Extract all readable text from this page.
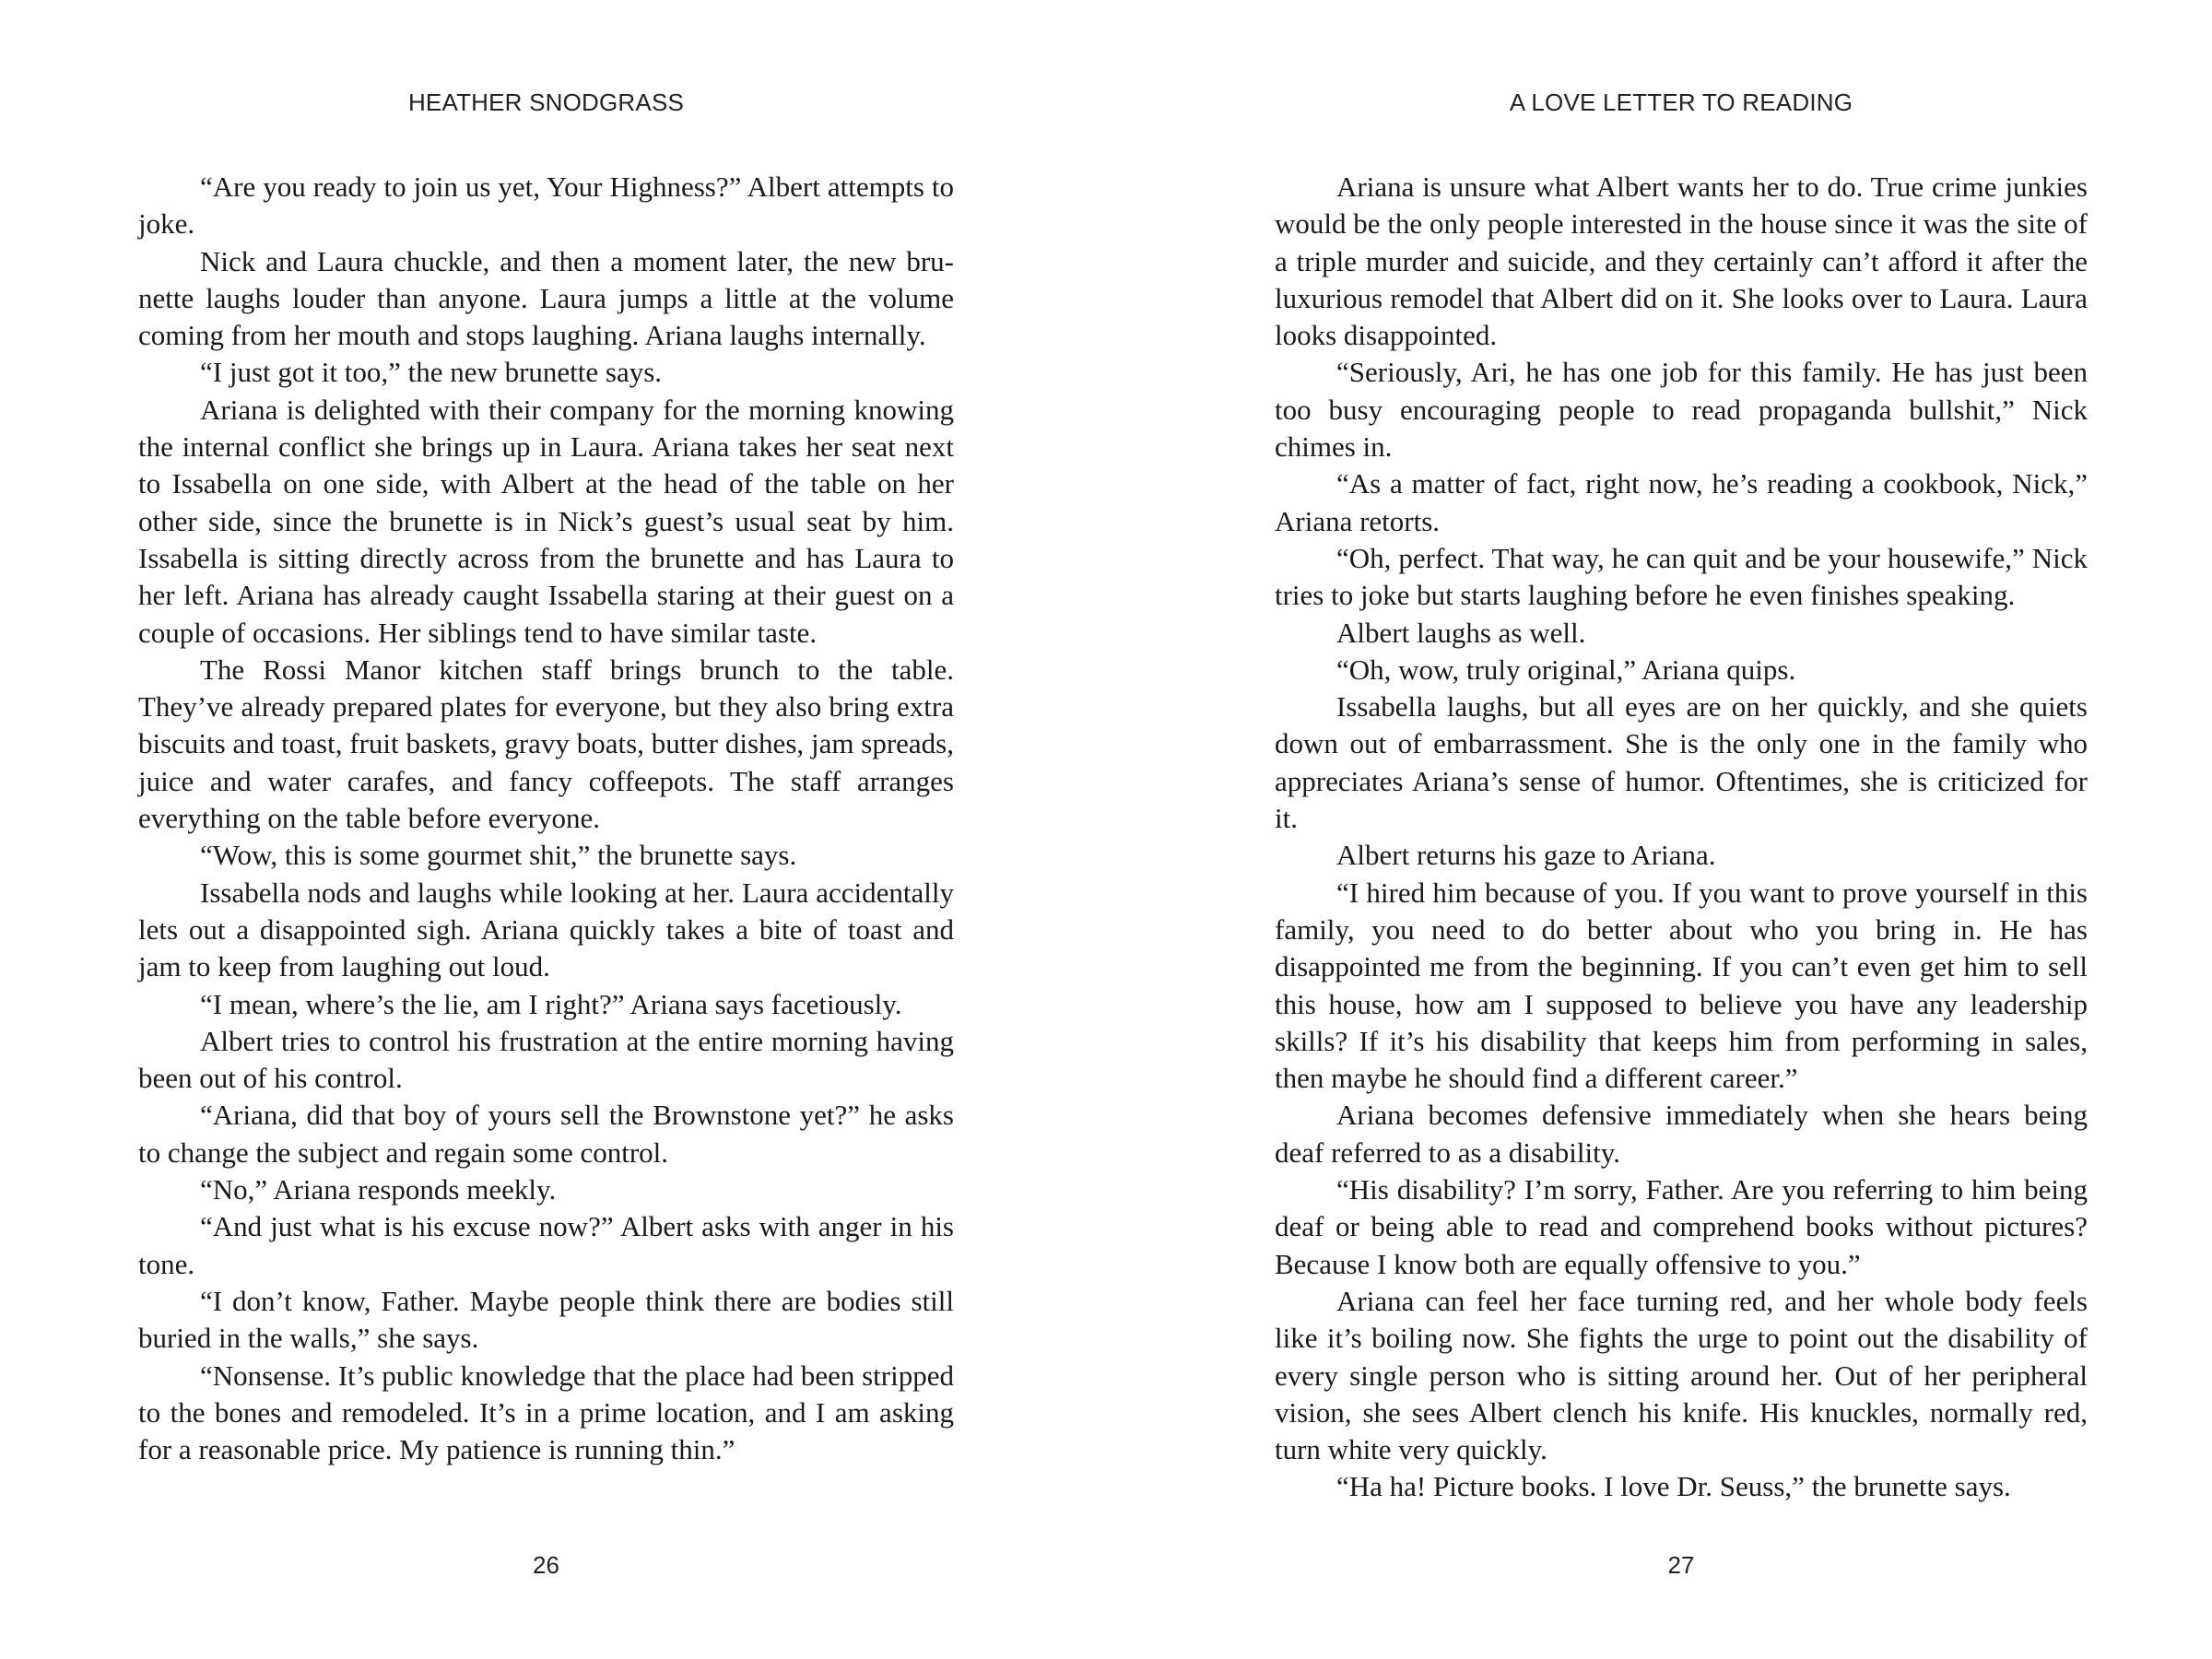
HEATHER SNODGRASS

“Are you ready to join us yet, Your Highness?” Albert attempts to joke.

Nick and Laura chuckle, and then a moment later, the new brunette laughs louder than anyone. Laura jumps a little at the volume coming from her mouth and stops laughing. Ariana laughs internally.

“I just got it too,” the new brunette says.

Ariana is delighted with their company for the morning knowing the internal conflict she brings up in Laura. Ariana takes her seat next to Issabella on one side, with Albert at the head of the table on her other side, since the brunette is in Nick’s guest’s usual seat by him. Issabella is sitting directly across from the brunette and has Laura to her left. Ariana has already caught Issabella staring at their guest on a couple of occasions. Her siblings tend to have similar taste.

The Rossi Manor kitchen staff brings brunch to the table. They’ve already prepared plates for everyone, but they also bring extra biscuits and toast, fruit baskets, gravy boats, butter dishes, jam spreads, juice and water carafes, and fancy coffeepots. The staff arranges everything on the table before everyone.

“Wow, this is some gourmet shit,” the brunette says.

Issabella nods and laughs while looking at her. Laura accidentally lets out a disappointed sigh. Ariana quickly takes a bite of toast and jam to keep from laughing out loud.

“I mean, where’s the lie, am I right?” Ariana says facetiously.

Albert tries to control his frustration at the entire morning having been out of his control.

“Ariana, did that boy of yours sell the Brownstone yet?” he asks to change the subject and regain some control.

“No,” Ariana responds meekly.

“And just what is his excuse now?” Albert asks with anger in his tone.

“I don’t know, Father. Maybe people think there are bodies still buried in the walls,” she says.

“Nonsense. It’s public knowledge that the place had been stripped to the bones and remodeled. It’s in a prime location, and I am asking for a reasonable price. My patience is running thin.”

26
A LOVE LETTER TO READING

Ariana is unsure what Albert wants her to do. True crime junkies would be the only people interested in the house since it was the site of a triple murder and suicide, and they certainly can’t afford it after the luxurious remodel that Albert did on it. She looks over to Laura. Laura looks disappointed.

“Seriously, Ari, he has one job for this family. He has just been too busy encouraging people to read propaganda bullshit,” Nick chimes in.

“As a matter of fact, right now, he’s reading a cookbook, Nick,” Ariana retorts.

“Oh, perfect. That way, he can quit and be your housewife,” Nick tries to joke but starts laughing before he even finishes speaking.

Albert laughs as well.

“Oh, wow, truly original,” Ariana quips.

Issabella laughs, but all eyes are on her quickly, and she quiets down out of embarrassment. She is the only one in the family who appreciates Ariana’s sense of humor. Oftentimes, she is criticized for it.

Albert returns his gaze to Ariana.

“I hired him because of you. If you want to prove yourself in this family, you need to do better about who you bring in. He has disappointed me from the beginning. If you can’t even get him to sell this house, how am I supposed to believe you have any leadership skills? If it’s his disability that keeps him from performing in sales, then maybe he should find a different career.”

Ariana becomes defensive immediately when she hears being deaf referred to as a disability.

“His disability? I’m sorry, Father. Are you referring to him being deaf or being able to read and comprehend books without pictures? Because I know both are equally offensive to you.”

Ariana can feel her face turning red, and her whole body feels like it’s boiling now. She fights the urge to point out the disability of every single person who is sitting around her. Out of her peripheral vision, she sees Albert clench his knife. His knuckles, normally red, turn white very quickly.

“Ha ha! Picture books. I love Dr. Seuss,” the brunette says.

27
